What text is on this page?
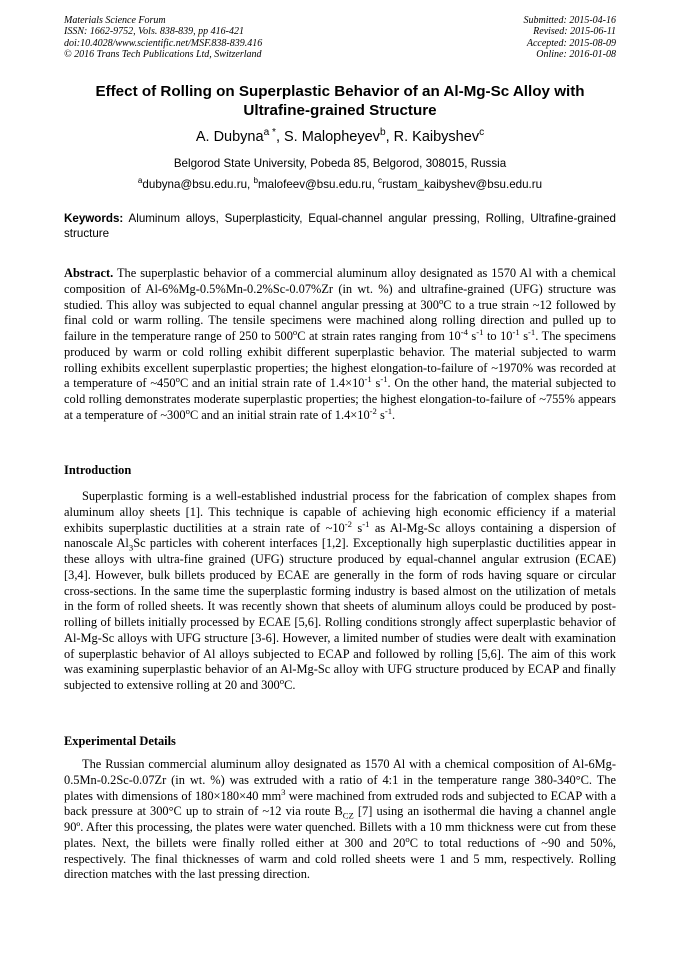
Materials Science Forum
ISSN: 1662-9752, Vols. 838-839, pp 416-421
doi:10.4028/www.scientific.net/MSF.838-839.416
© 2016 Trans Tech Publications Ltd, Switzerland
Submitted: 2015-04-16
Revised: 2015-06-11
Accepted: 2015-08-09
Online: 2016-01-08
Effect of Rolling on Superplastic Behavior of an Al-Mg-Sc Alloy with
Ultrafine-grained Structure
A. Dubyna$^{a *}$, S. Malopheyev$^b$, R. Kaibyshev$^c$
Belgorod State University, Pobeda 85, Belgorod, 308015, Russia
$^a$dubyna@bsu.edu.ru, $^b$malofeev@bsu.edu.ru, $^c$rustam_kaibyshev@bsu.edu.ru
Keywords: Aluminum alloys, Superplasticity, Equal-channel angular pressing, Rolling, Ultrafine-grained structure

Abstract. The superplastic behavior of a commercial aluminum alloy designated as 1570 Al with a chemical composition of Al-6%Mg-0.5%Mn-0.2%Sc-0.07%Zr (in wt. %) and ultrafine-grained (UFG) structure was studied. This alloy was subjected to equal channel angular pressing at 300$^o$C to a true strain ~12 followed by final cold or warm rolling. The tensile specimens were machined along rolling direction and pulled up to failure in the temperature range of 250 to 500$^o$C at strain rates ranging from $10^{-4}$ $s^{-1}$ to $10^{-1}$ $s^{-1}$. The specimens produced by warm or cold rolling exhibit different superplastic behavior. The material subjected to warm rolling exhibits excellent superplastic properties; the highest elongation-to-failure of ~1970% was recorded at a temperature of ~450$^o$C and an initial strain rate of $1.4\times 10^{-1}$ $s^{-1}$. On the other hand, the material subjected to cold rolling demonstrates moderate superplastic properties; the highest elongation-to-failure of ~755% appears at a temperature of ~300$^o$C and an initial strain rate of $1.4\times 10^{-2}$ $s^{-1}$.

Introduction

Superplastic forming is a well-established industrial process for the fabrication of complex shapes from aluminum alloy sheets [1]. This technique is capable of achieving high economic efficiency if a material exhibits superplastic ductilities at a strain rate of $\sim 10^{-2}$ $s^{-1}$ as Al-Mg-Sc alloys containing a dispersion of nanoscale $Al_3Sc$ particles with coherent interfaces [1,2]. Exceptionally high superplastic ductilities appear in these alloys with ultra-fine grained (UFG) structure produced by equal-channel angular extrusion (ECAE) [3,4]. However, bulk billets produced by ECAE are generally in the form of rods having square or circular cross-sections. In the same time the superplastic forming industry is based almost on the utilization of metals in the form of rolled sheets. It was recently shown that sheets of aluminum alloys could be produced by post-rolling of billets initially processed by ECAE [5,6]. Rolling conditions strongly affect superplastic behavior of Al-Mg-Sc alloys with UFG structure [3-6]. However, a limited number of studies were dealt with examination of superplastic behavior of Al alloys subjected to ECAP and followed by rolling [5,6]. The aim of this work was examining superplastic behavior of an Al-Mg-Sc alloy with UFG structure produced by ECAP and finally subjected to extensive rolling at 20 and 300$^o$C.

Experimental Details

The Russian commercial aluminum alloy designated as 1570 Al with a chemical composition of Al-6Mg-0.5Mn-0.2Sc-0.07Zr (in wt. %) was extruded with a ratio of 4:1 in the temperature range 380-340°C. The plates with dimensions of 180×180×40 $mm^3$ were machined from extruded rods and subjected to ECAP with a back pressure at 300°C up to strain of ~12 via route $B_{CZ}$ [7] using an isothermal die having a channel angle 90º. After this processing, the plates were water quenched. Billets with a 10 mm thickness were cut from these plates. Next, the billets were finally rolled either at 300 and 20$^o$C to total reductions of ~90 and 50%, respectively. The final thicknesses of warm and cold rolled sheets were 1 and 5 mm, respectively. Rolling direction matches with the last pressing direction.
